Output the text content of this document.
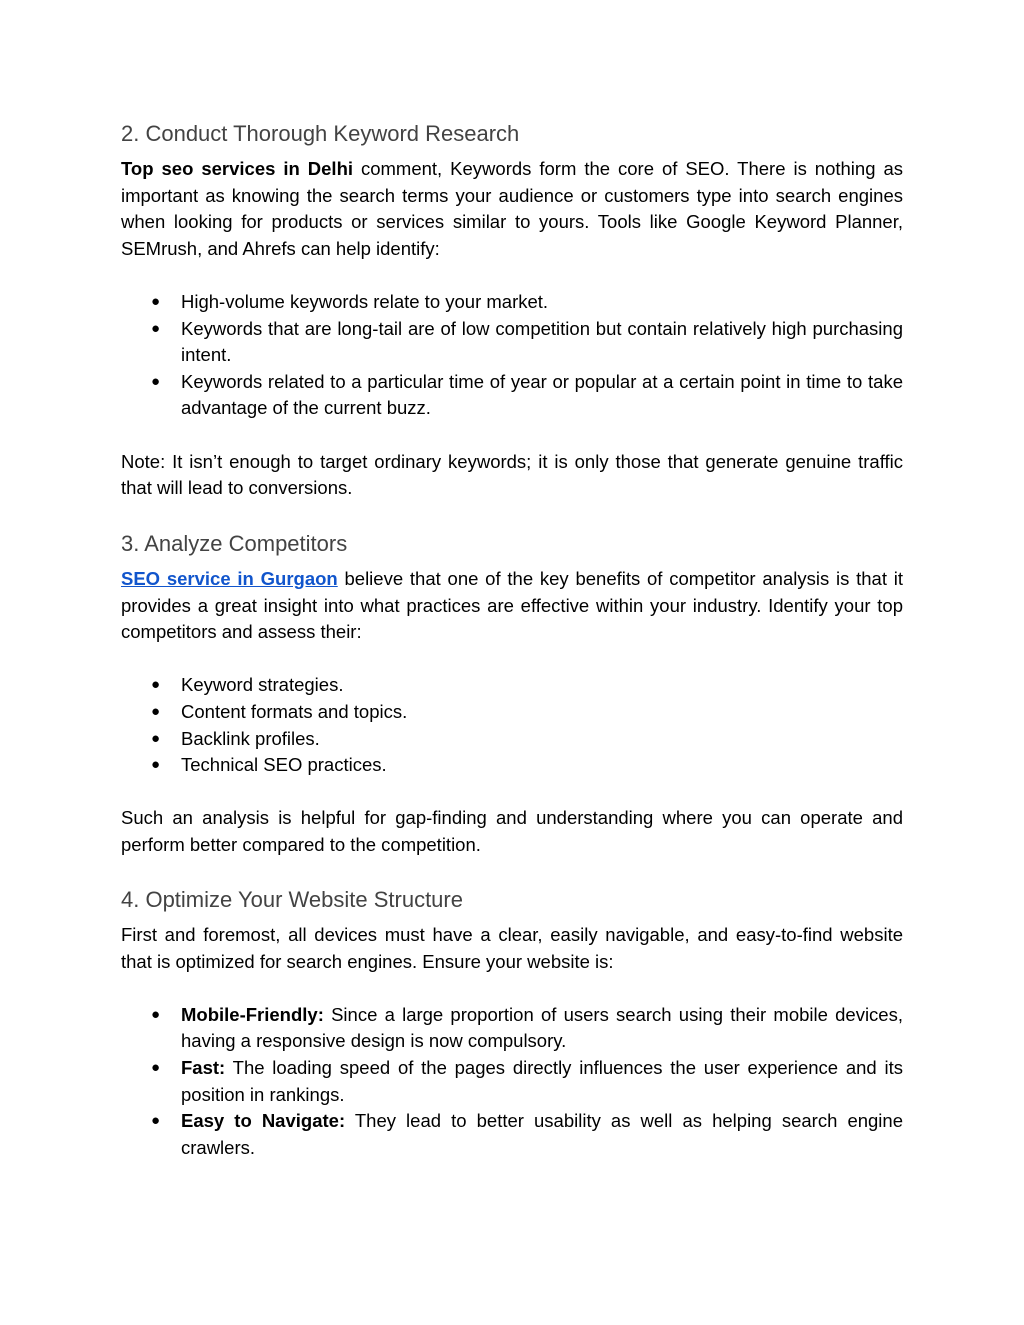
2. Conduct Thorough Keyword Research

Top seo services in Delhi comment, Keywords form the core of SEO. There is nothing as important as knowing the search terms your audience or customers type into search engines when looking for products or services similar to yours. Tools like Google Keyword Planner, SEMrush, and Ahrefs can help identify:

● High-volume keywords relate to your market.
● Keywords that are long-tail are of low competition but contain relatively high purchasing intent.
● Keywords related to a particular time of year or popular at a certain point in time to take advantage of the current buzz.

Note: It isn’t enough to target ordinary keywords; it is only those that generate genuine traffic that will lead to conversions.

3. Analyze Competitors

SEO service in Gurgaon believe that one of the key benefits of competitor analysis is that it provides a great insight into what practices are effective within your industry. Identify your top competitors and assess their:

● Keyword strategies.
● Content formats and topics.
● Backlink profiles.
● Technical SEO practices.

Such an analysis is helpful for gap-finding and understanding where you can operate and perform better compared to the competition.

4. Optimize Your Website Structure

First and foremost, all devices must have a clear, easily navigable, and easy-to-find website that is optimized for search engines. Ensure your website is:

● Mobile-Friendly: Since a large proportion of users search using their mobile devices, having a responsive design is now compulsory.
● Fast: The loading speed of the pages directly influences the user experience and its position in rankings.
● Easy to Navigate: They lead to better usability as well as helping search engine crawlers.
